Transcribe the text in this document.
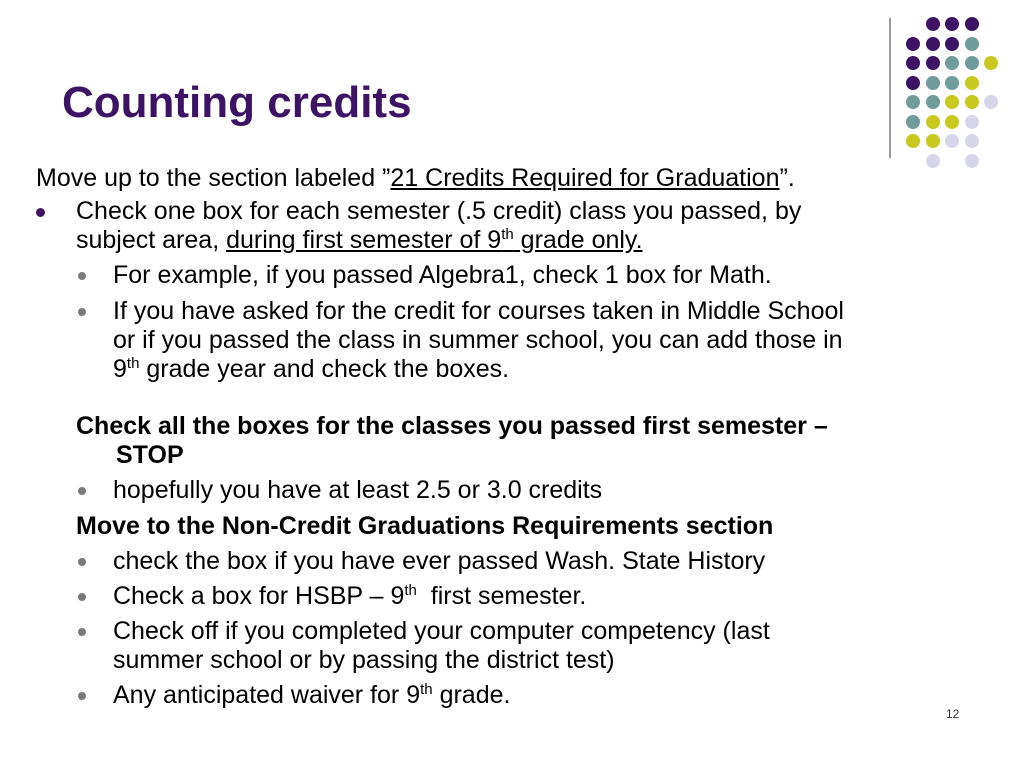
Counting credits
Move up to the section labeled ”21 Credits Required for Graduation”.
Check one box for each semester (.5 credit) class you passed, by
subject area, during first semester of 9th grade only.
For example, if you passed Algebra1, check 1 box for Math.
If you have asked for the credit for courses taken in Middle School
or if you passed the class in summer school, you can add those in
9th grade year and check the boxes.
Check all the boxes for the classes you passed first semester –
STOP
hopefully you have at least 2.5 or 3.0 credits
Move to the Non-Credit Graduations Requirements section
check the box if you have ever passed Wash. State History
Check a box for HSBP – 9th  first semester.
Check off if you completed your computer competency (last
summer school or by passing the district test)
Any anticipated waiver for 9th grade.
12
